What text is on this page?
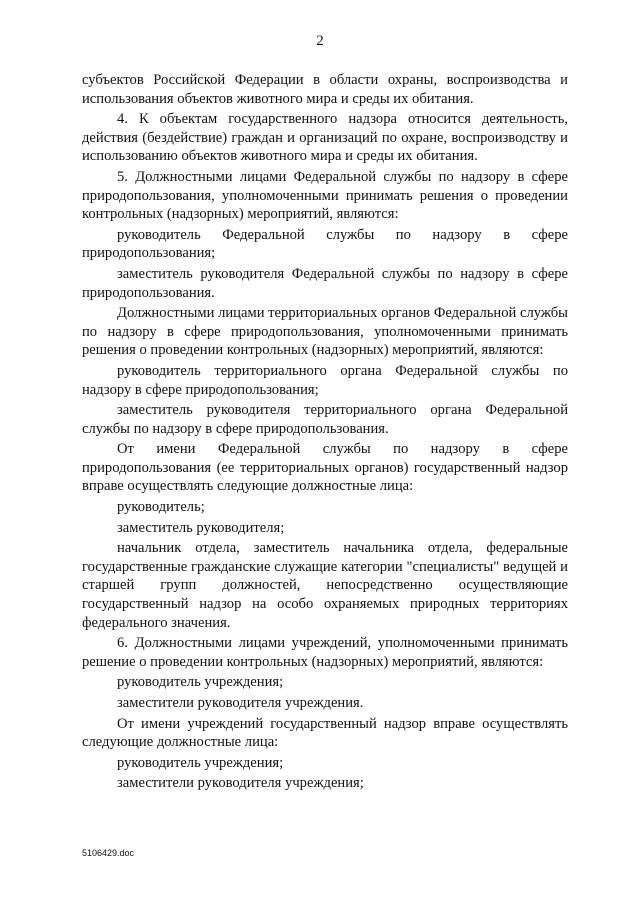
2

субъектов Российской Федерации в области охраны, воспроизводства и использования объектов животного мира и среды их обитания.

4. К объектам государственного надзора относится деятельность, действия (бездействие) граждан и организаций по охране, воспроизводству и использованию объектов животного мира и среды их обитания.

5. Должностными лицами Федеральной службы по надзору в сфере природопользования, уполномоченными принимать решения о проведении контрольных (надзорных) мероприятий, являются:

руководитель Федеральной службы по надзору в сфере природопользования;

заместитель руководителя Федеральной службы по надзору в сфере природопользования.

Должностными лицами территориальных органов Федеральной службы по надзору в сфере природопользования, уполномоченными принимать решения о проведении контрольных (надзорных) мероприятий, являются:

руководитель территориального органа Федеральной службы по надзору в сфере природопользования;

заместитель руководителя территориального органа Федеральной службы по надзору в сфере природопользования.

От имени Федеральной службы по надзору в сфере природопользования (ее территориальных органов) государственный надзор вправе осуществлять следующие должностные лица:

руководитель;

заместитель руководителя;

начальник отдела, заместитель начальника отдела, федеральные государственные гражданские служащие категории "специалисты" ведущей и старшей групп должностей, непосредственно осуществляющие государственный надзор на особо охраняемых природных территориях федерального значения.

6. Должностными лицами учреждений, уполномоченными принимать решение о проведении контрольных (надзорных) мероприятий, являются:

руководитель учреждения;

заместители руководителя учреждения.

От имени учреждений государственный надзор вправе осуществлять следующие должностные лица:

руководитель учреждения;

заместители руководителя учреждения;

5106429.doc
